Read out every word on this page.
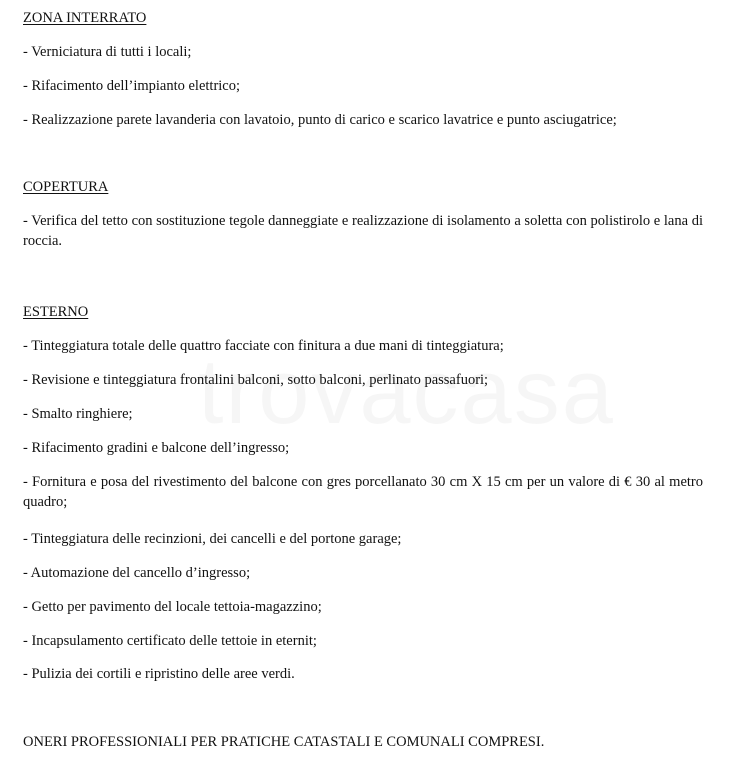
ZONA INTERRATO

- Verniciatura di tutti i locali;

- Rifacimento dell’impianto elettrico;

- Realizzazione parete lavanderia con lavatoio, punto di carico e scarico lavatrice e punto asciugatrice;

COPERTURA

- Verifica del tetto con sostituzione tegole danneggiate e realizzazione di isolamento a soletta con polistirolo e lana di roccia.

ESTERNO

- Tinteggiatura totale delle quattro facciate con finitura a due mani di tinteggiatura;

- Revisione e tinteggiatura frontalini balconi, sotto balconi, perlinato passafuori;

- Smalto ringhiere;

- Rifacimento gradini e balcone dell’ingresso;

- Fornitura e posa del rivestimento del balcone con gres porcellanato 30 cm X 15 cm per un valore di € 30 al metro quadro;

- Tinteggiatura delle recinzioni, dei cancelli e del portone garage;

- Automazione del cancello d’ingresso;

- Getto per pavimento del locale tettoia-magazzino;

- Incapsulamento certificato delle tettoie in eternit;

- Pulizia dei cortili e ripristino delle aree verdi.

ONERI PROFESSIONIALI PER PRATICHE CATASTALI E COMUNALI COMPRESI.
